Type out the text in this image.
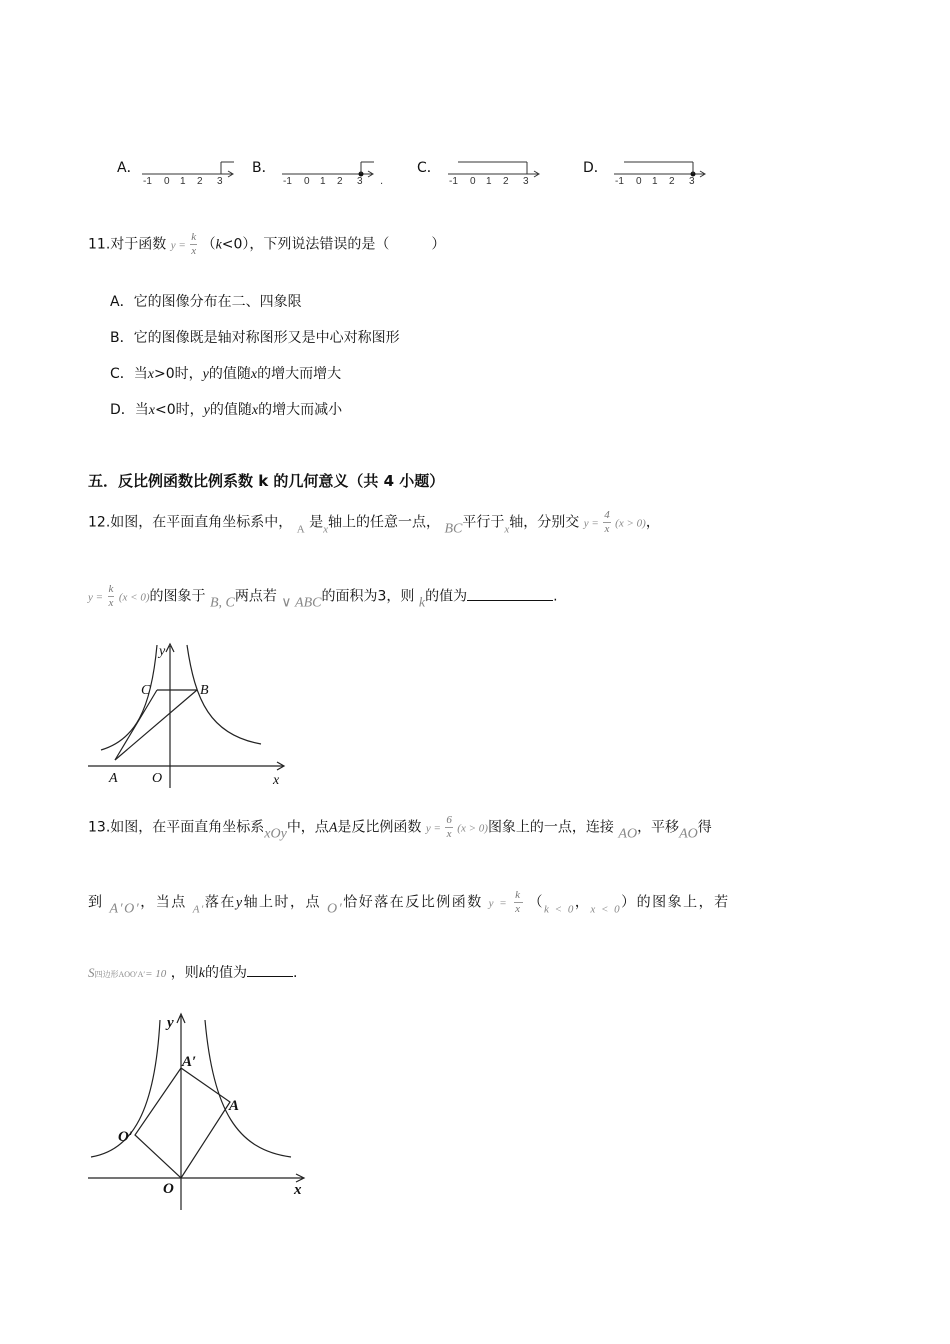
A．
-1 0 1 2 3
B．
.
-1 0 1 2 3
C．
-1 0 1 2 3
D．
-1 0 1 2 3
11.对于函数 $y = \frac{k}{x} (k<0)$，下列说法错误的是（　　　）
A．它的图像分布在二、四象限
B．它的图像既是轴对称图形又是中心对称图形
C．当x>0时，y的值随x的增大而增大
D．当x<0时，y的值随x的增大而减小
五．反比例函数比例系数 k 的几何意义（共 4 小题）
12.如图，在平面直角坐标系中， $_A$ 是$_x$轴上的任意一点， BC平行于$_x$轴，分别交 $y = \frac{4}{x} (x > 0)$，
$y = \frac{k}{x} (x < 0)$的图象于 B, C两点若 ∨ ABC的面积为3，则 k的值为	.
y
x
O
A
B
C
13.如图，在平面直角坐标系xOy中，点A是反比例函数 $y = \frac{6}{x} (x > 0)$图象上的一点，连接 AO，平移AO得
到 A′O′，当点 $_{A'}$落在y轴上时，点 O′恰好落在反比例函数 $y = \frac{k}{x} (_{k < 0}$，$_{x < 0}$）的图象上，若
S四边形AOO′A′= 10 ，则k的值为	.
y
x
O
A
A′
O′
